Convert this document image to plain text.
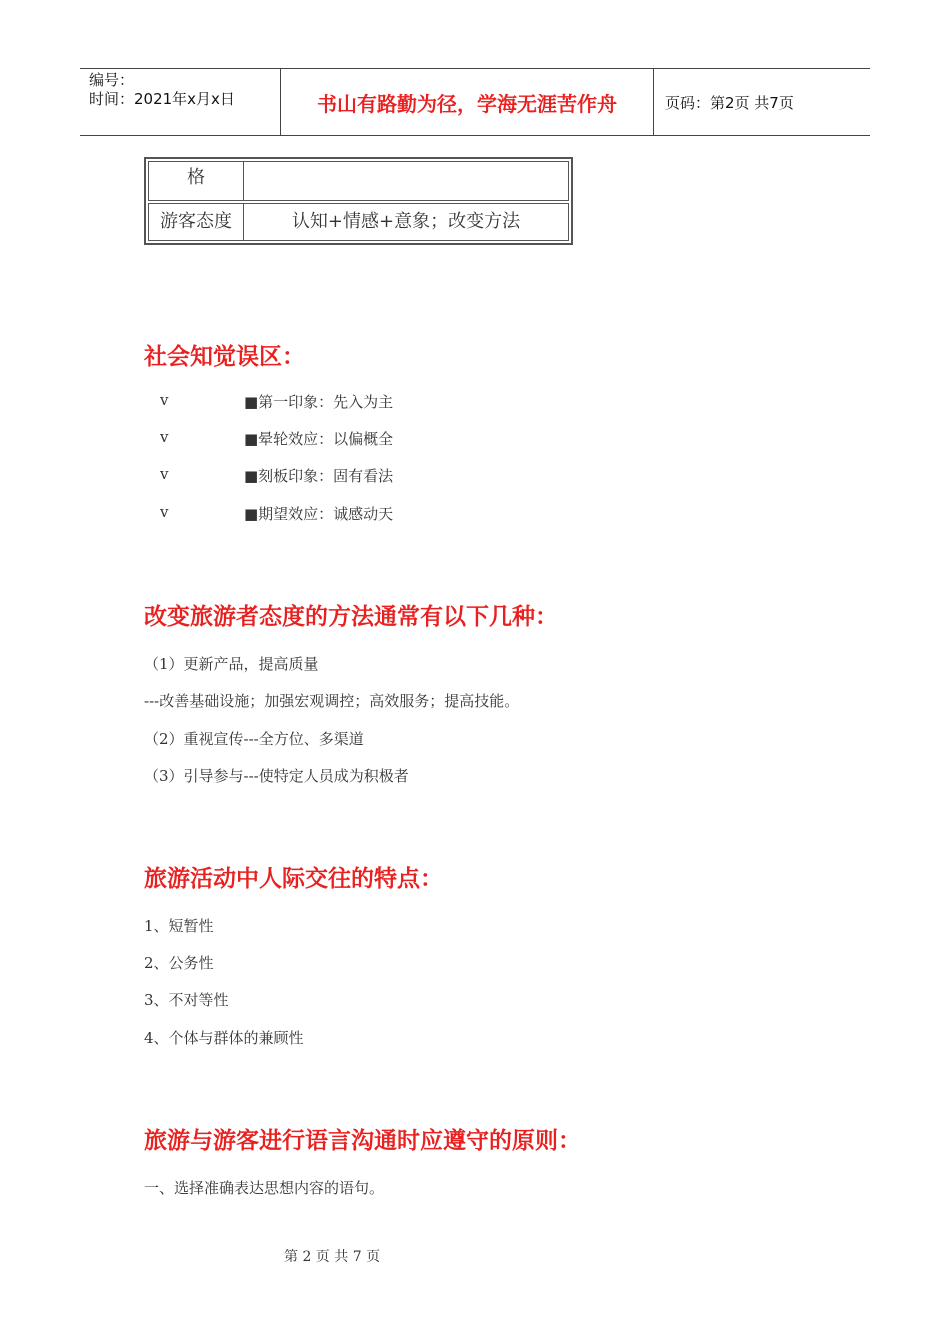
编号：
时间：2021年x月x日	书山有路勤为径，学海无涯苦作舟	页码：第2页 共7页
格
游客态度	认知+情感+意象；改变方法
社会知觉误区：
v	■第一印象：先入为主
v	■晕轮效应：以偏概全
v	■刻板印象：固有看法
v	■期望效应：诚感动天
改变旅游者态度的方法通常有以下几种：
（1）更新产品，提高质量
---改善基础设施；加强宏观调控；高效服务；提高技能。
（2）重视宣传---全方位、多渠道
（3）引导参与---使特定人员成为积极者
旅游活动中人际交往的特点：
1、短暂性
2、公务性
3、不对等性
4、个体与群体的兼顾性
旅游与游客进行语言沟通时应遵守的原则：
一、选择准确表达思想内容的语句。
第 2 页 共 7 页
